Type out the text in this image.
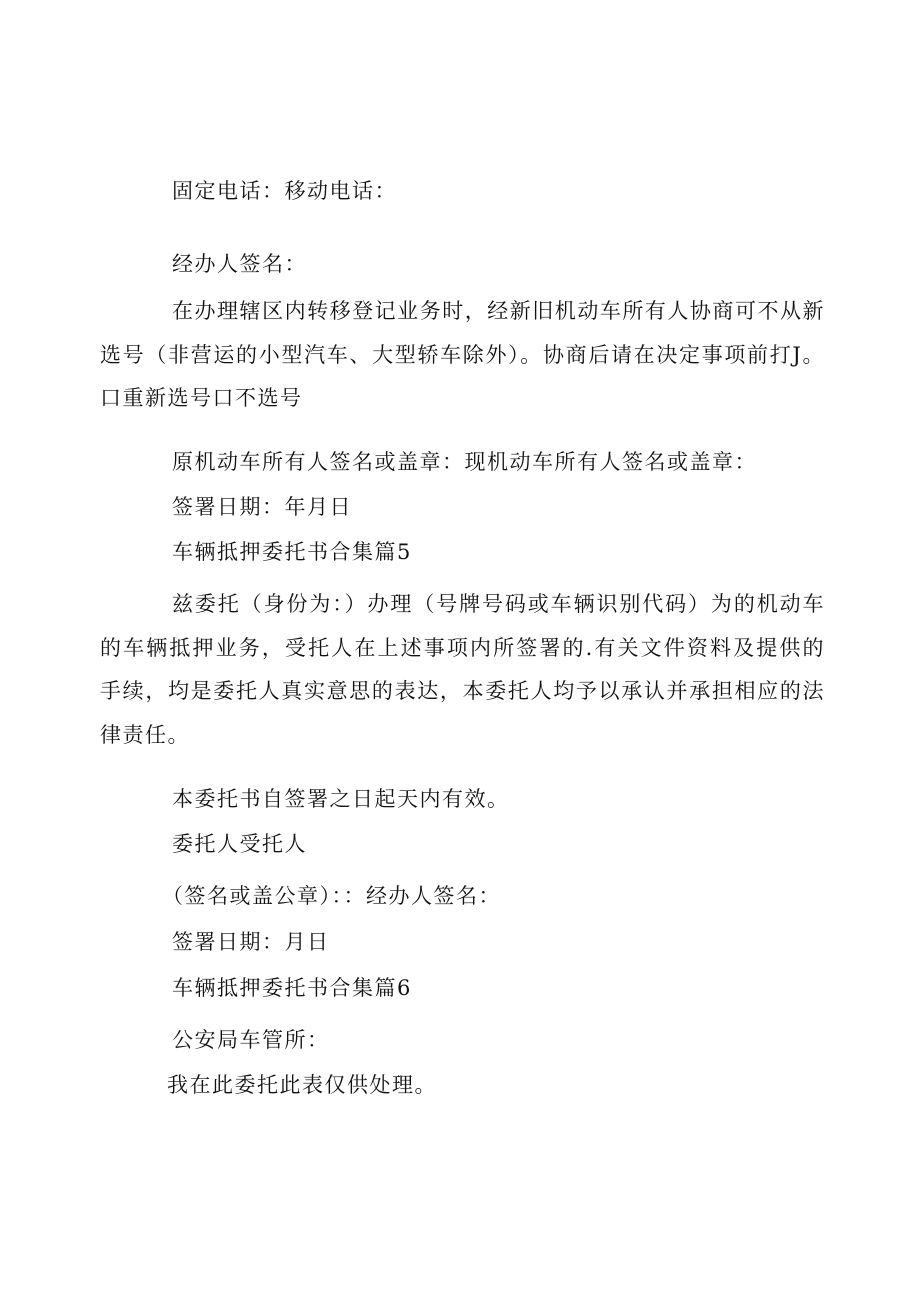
固定电话：移动电话：
经办人签名：
在办理辖区内转移登记业务时，经新旧机动车所有人协商可不从新选号（非营运的小型汽车、大型轿车除外）。协商后请在决定事项前打J。口重新选号口不选号
原机动车所有人签名或盖章：现机动车所有人签名或盖章：
签署日期：年月日
车辆抵押委托书合集篇5
兹委托（身份为：）办理（号牌号码或车辆识别代码）为的机动车的车辆抵押业务，受托人在上述事项内所签署的.有关文件资料及提供的手续，均是委托人真实意思的表达，本委托人均予以承认并承担相应的法律责任。
本委托书自签署之日起天内有效。
委托人受托人
（签名或盖公章）：：经办人签名：
签署日期：月日
车辆抵押委托书合集篇6
公安局车管所：
我在此委托此表仅供处理。
